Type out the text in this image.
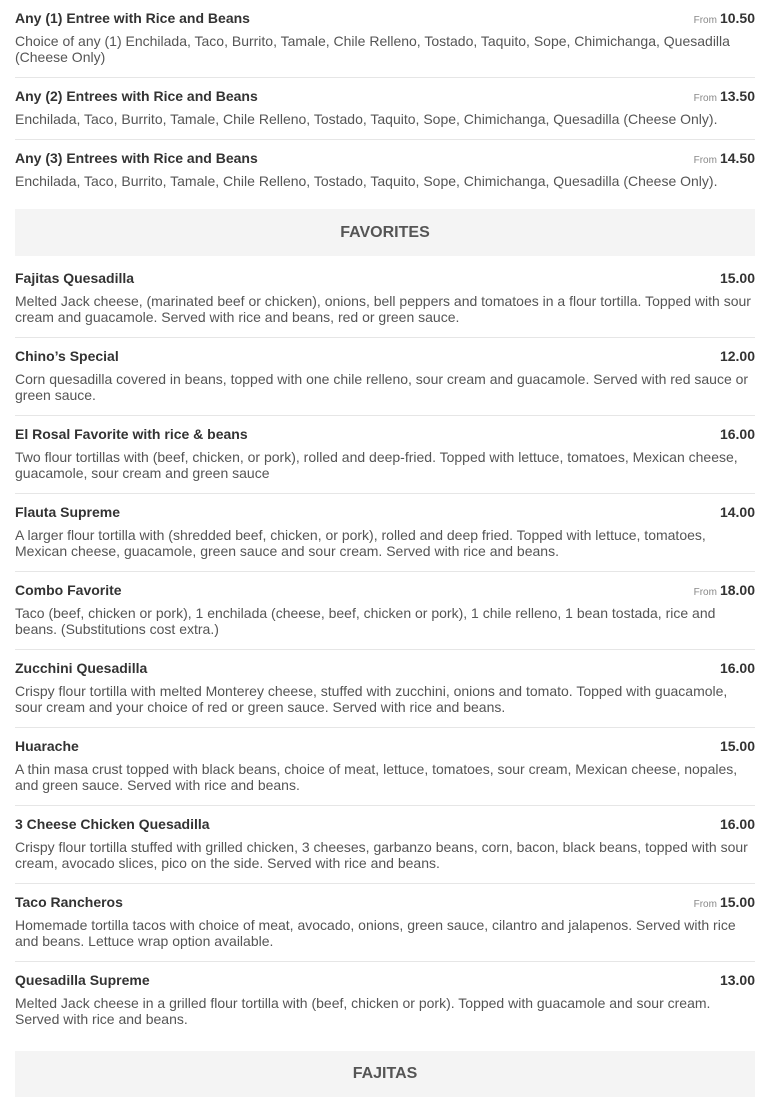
Any (1) Entree with Rice and Beans	From 10.50
Choice of any (1) Enchilada, Taco, Burrito, Tamale, Chile Relleno, Tostado, Taquito, Sope, Chimichanga, Quesadilla (Cheese Only)
Any (2) Entrees with Rice and Beans	From 13.50
Enchilada, Taco, Burrito, Tamale, Chile Relleno, Tostado, Taquito, Sope, Chimichanga, Quesadilla (Cheese Only).
Any (3) Entrees with Rice and Beans	From 14.50
Enchilada, Taco, Burrito, Tamale, Chile Relleno, Tostado, Taquito, Sope, Chimichanga, Quesadilla (Cheese Only).
FAVORITES
Fajitas Quesadilla	15.00
Melted Jack cheese, (marinated beef or chicken), onions, bell peppers and tomatoes in a flour tortilla. Topped with sour cream and guacamole. Served with rice and beans, red or green sauce.
Chino’s Special	12.00
Corn quesadilla covered in beans, topped with one chile relleno, sour cream and guacamole. Served with red sauce or green sauce.
El Rosal Favorite with rice & beans	16.00
Two flour tortillas with (beef, chicken, or pork), rolled and deep-fried. Topped with lettuce, tomatoes, Mexican cheese, guacamole, sour cream and green sauce
Flauta Supreme	14.00
A larger flour tortilla with (shredded beef, chicken, or pork), rolled and deep fried. Topped with lettuce, tomatoes, Mexican cheese, guacamole, green sauce and sour cream. Served with rice and beans.
Combo Favorite	From 18.00
Taco (beef, chicken or pork), 1 enchilada (cheese, beef, chicken or pork), 1 chile relleno, 1 bean tostada, rice and beans. (Substitutions cost extra.)
Zucchini Quesadilla	16.00
Crispy flour tortilla with melted Monterey cheese, stuffed with zucchini, onions and tomato. Topped with guacamole, sour cream and your choice of red or green sauce. Served with rice and beans.
Huarache	15.00
A thin masa crust topped with black beans, choice of meat, lettuce, tomatoes, sour cream, Mexican cheese, nopales, and green sauce. Served with rice and beans.
3 Cheese Chicken Quesadilla	16.00
Crispy flour tortilla stuffed with grilled chicken, 3 cheeses, garbanzo beans, corn, bacon, black beans, topped with sour cream, avocado slices, pico on the side. Served with rice and beans.
Taco Rancheros	From 15.00
Homemade tortilla tacos with choice of meat, avocado, onions, green sauce, cilantro and jalapenos. Served with rice and beans. Lettuce wrap option available.
Quesadilla Supreme	13.00
Melted Jack cheese in a grilled flour tortilla with (beef, chicken or pork). Topped with guacamole and sour cream. Served with rice and beans.
FAJITAS
